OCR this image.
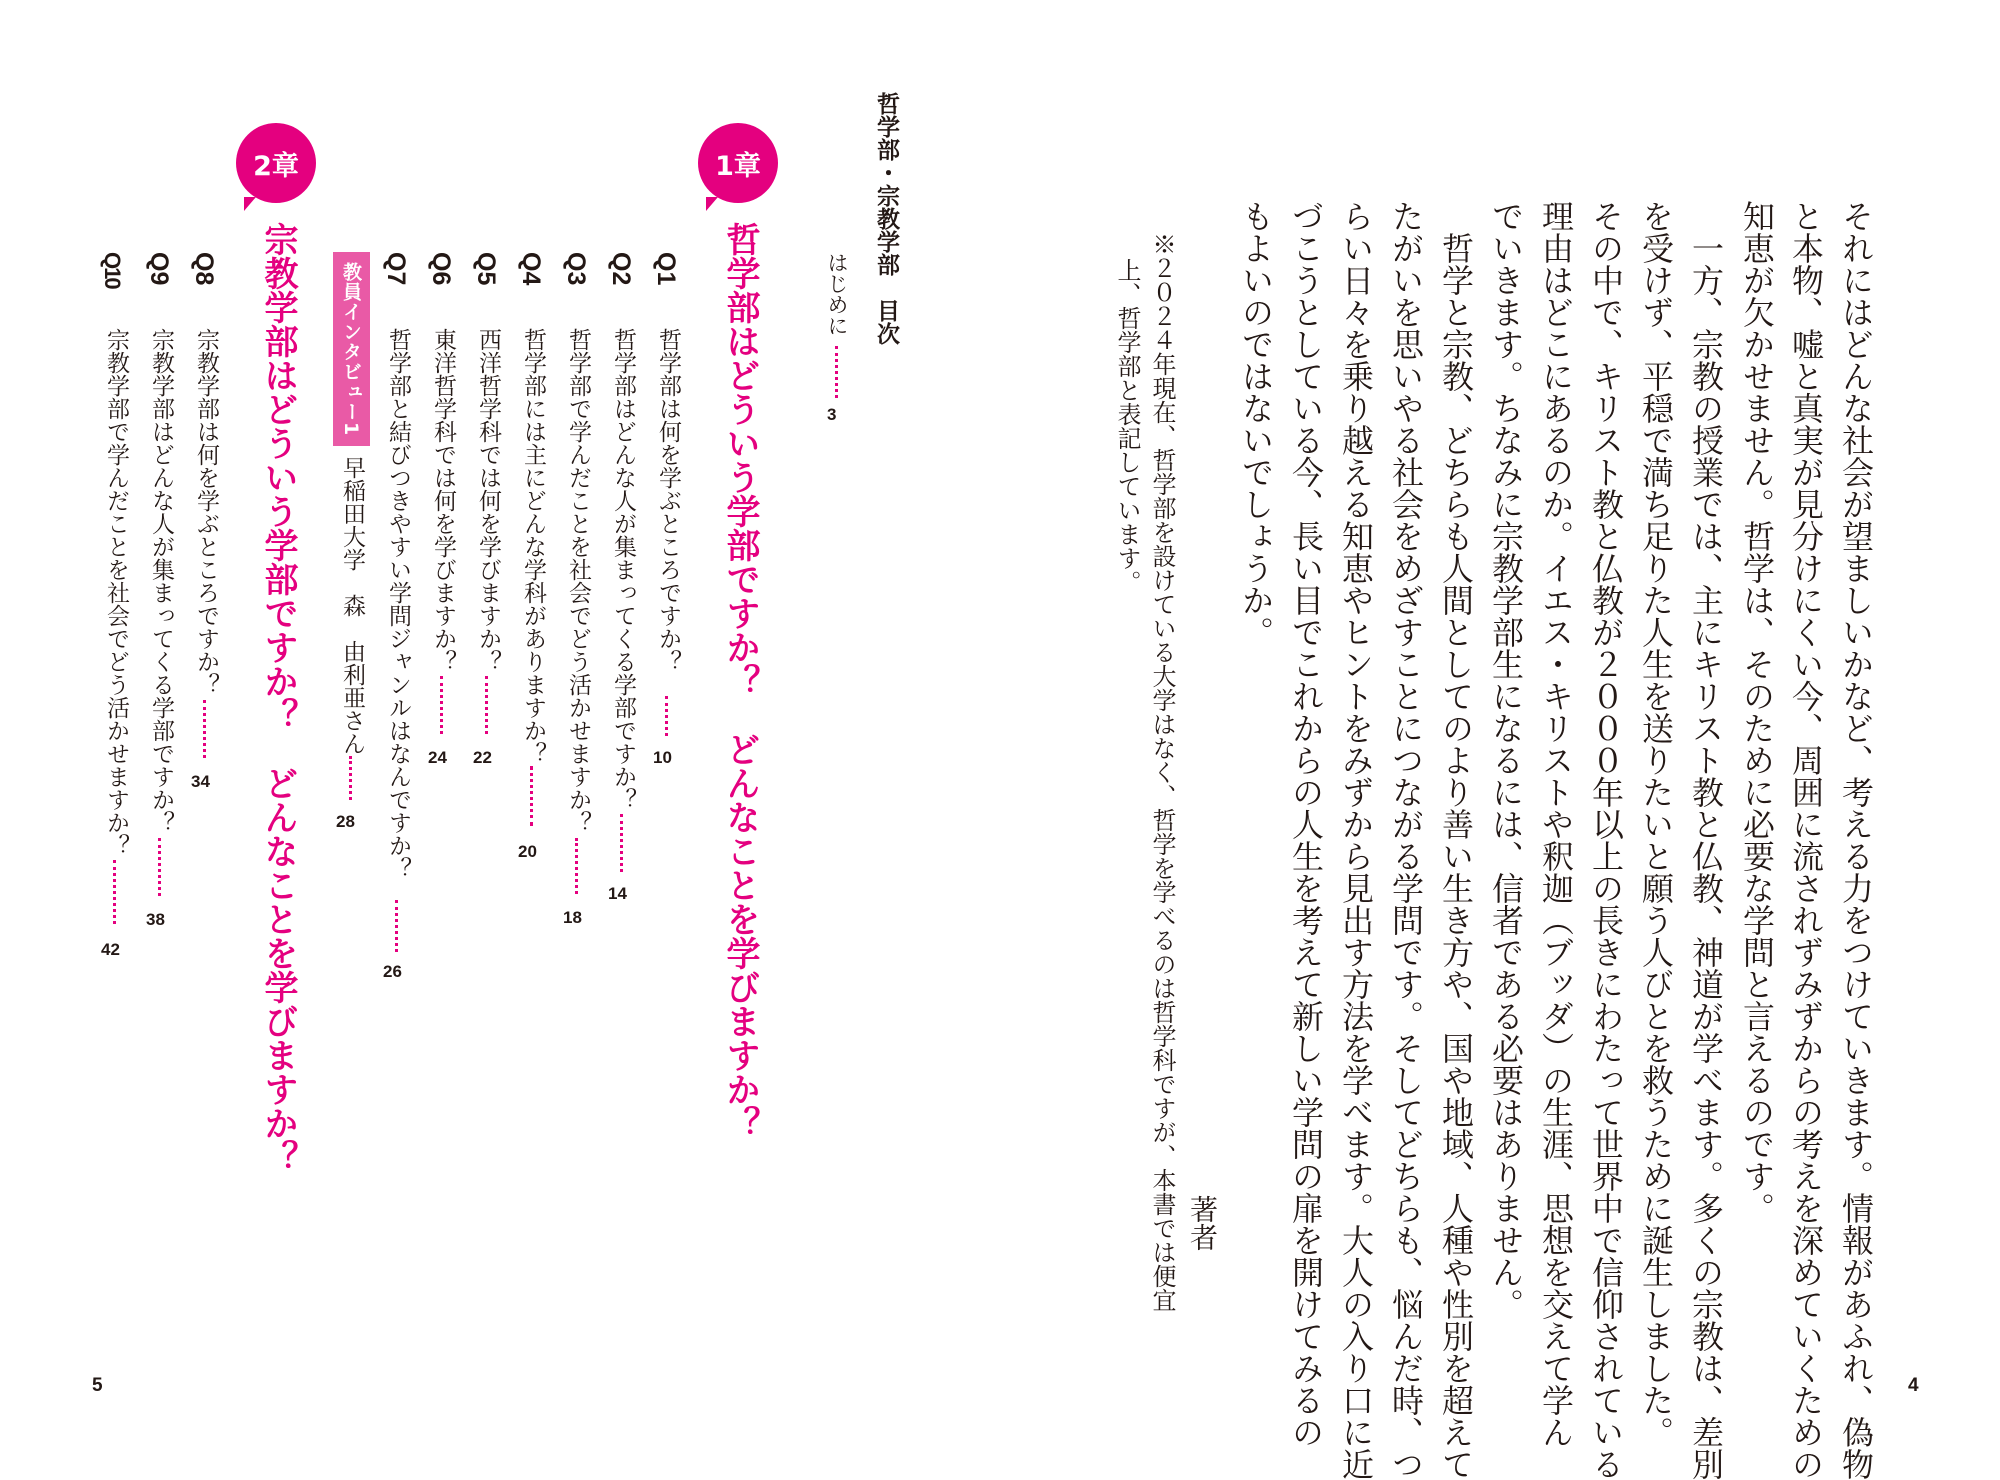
それにはどんな社会が望ましいかなど、考える力をつけていきます。情報があふれ、偽物
と本物、嘘と真実が見分けにくい今、周囲に流されずみずからの考えを深めていくための
知恵が欠かせません。哲学は、そのために必要な学問と言えるのです。
一方、宗教の授業では、主にキリスト教と仏教、神道が学べます。多くの宗教は、差別
を受けず、平穏で満ち足りた人生を送りたいと願う人びとを救うために誕生しました。
その中で、キリスト教と仏教が２０００年以上の長きにわたって世界中で信仰されている
理由はどこにあるのか。イエス・キリストや釈迦（ブッダ）の生涯、思想を交えて学ん
でいきます。ちなみに宗教学部生になるには、信者である必要はありません。
哲学と宗教、どちらも人間としてのより善い生き方や、国や地域、人種や性別を超えて
たがいを思いやる社会をめざすことにつながる学問です。そしてどちらも、悩んだ時、つ
らい日々を乗り越える知恵やヒントをみずから見出す方法を学べます。大人の入り口に近
づこうとしている今、長い目でこれからの人生を考えて新しい学問の扉を開けてみるの
もよいのではないでしょうか。
著者
※２０２４年現在、哲学部を設けている大学はなく、哲学を学べるのは哲学科ですが、本書では便宜
上、哲学部と表記しています。
4
哲学部・宗教学部　目次
はじめに
3
1章
哲学部はどういう学部ですか？　どんなことを学びますか？
Q1
哲学部は何を学ぶところですか？
10
Q2
哲学部はどんな人が集まってくる学部ですか？
14
Q3
哲学部で学んだことを社会でどう活かせますか？
18
Q4
哲学部には主にどんな学科がありますか？
20
Q5
西洋哲学科では何を学びますか？
22
Q6
東洋哲学科では何を学びますか？
24
Q7
哲学部と結びつきやすい学問ジャンルはなんですか？
26
教員インタビュー1
早稲田大学　森　由利亜さん
28
2章
宗教学部はどういう学部ですか？　どんなことを学びますか？
Q8
宗教学部は何を学ぶところですか？
34
Q9
宗教学部はどんな人が集まってくる学部ですか？
38
Q10
宗教学部で学んだことを社会でどう活かせますか？
42
5
